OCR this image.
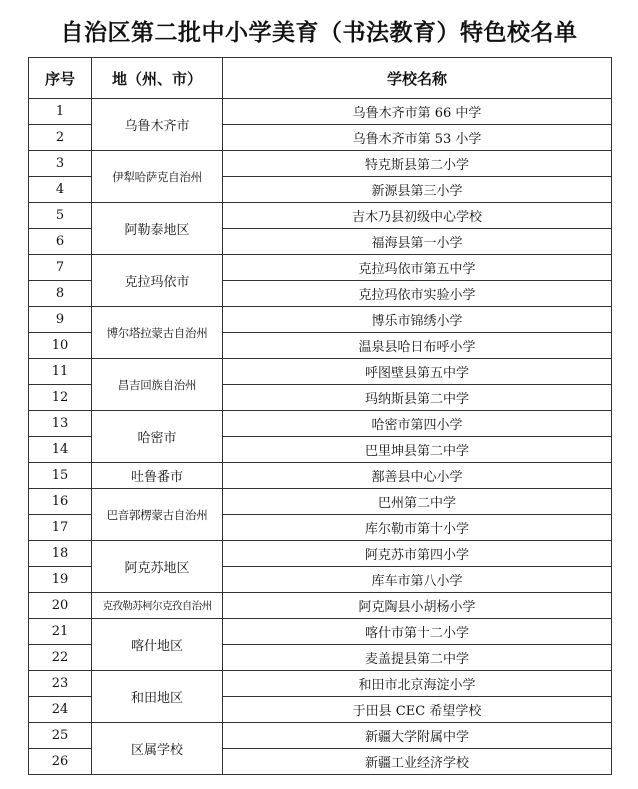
自治区第二批中小学美育（书法教育）特色校名单
序号	地（州、市）	学校名称
1	乌鲁木齐市	乌鲁木齐市第 66 中学
2		乌鲁木齐市第 53 小学
3	伊犁哈萨克自治州	特克斯县第二小学
4		新源县第三小学
5	阿勒泰地区	吉木乃县初级中心学校
6		福海县第一小学
7	克拉玛依市	克拉玛依市第五中学
8		克拉玛依市实验小学
9	博尔塔拉蒙古自治州	博乐市锦绣小学
10		温泉县哈日布呼小学
11	昌吉回族自治州	呼图壁县第五中学
12		玛纳斯县第二中学
13	哈密市	哈密市第四小学
14		巴里坤县第二中学
15	吐鲁番市	鄯善县中心小学
16	巴音郭楞蒙古自治州	巴州第二中学
17		库尔勒市第十小学
18	阿克苏地区	阿克苏市第四小学
19		库车市第八小学
20	克孜勒苏柯尔克孜自治州	阿克陶县小胡杨小学
21	喀什地区	喀什市第十二小学
22		麦盖提县第二中学
23	和田地区	和田市北京海淀小学
24		于田县 CEC 希望学校
25	区属学校	新疆大学附属中学
26		新疆工业经济学校
